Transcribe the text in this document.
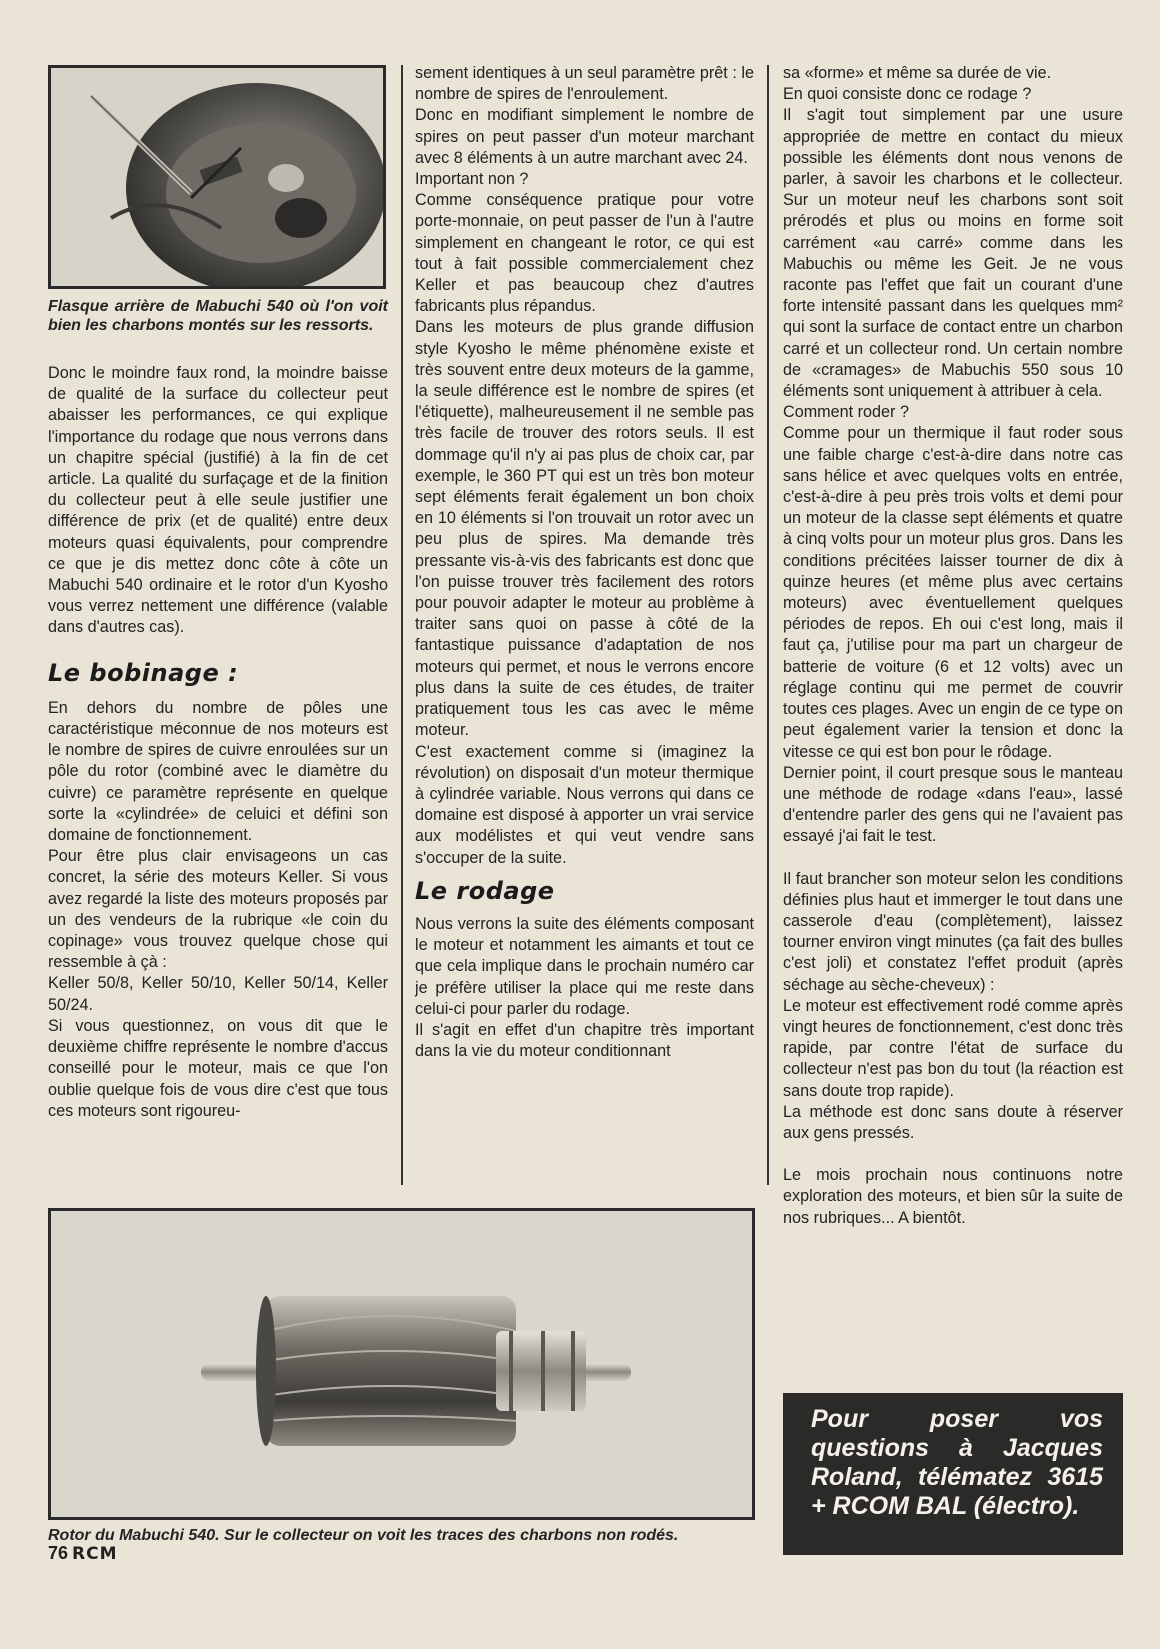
Flasque arrière de Mabuchi 540 où l'on voit bien les charbons montés sur les ressorts.

Donc le moindre faux rond, la moindre baisse de qualité de la surface du collecteur peut abaisser les performances, ce qui explique l'importance du rodage que nous verrons dans un chapitre spécial (justifié) à la fin de cet article. La qualité du surfaçage et de la finition du collecteur peut à elle seule justifier une différence de prix (et de qualité) entre deux moteurs quasi équivalents, pour comprendre ce que je dis mettez donc côte à côte un Mabuchi 540 ordinaire et le rotor d'un Kyosho vous verrez nettement une différence (valable dans d'autres cas).

Le bobinage :

En dehors du nombre de pôles une caractéristique méconnue de nos moteurs est le nombre de spires de cuivre enroulées sur un pôle du rotor (combiné avec le diamètre du cuivre) ce paramètre représente en quelque sorte la «cylindrée» de celuici et défini son domaine de fonctionnement.

Pour être plus clair envisageons un cas concret, la série des moteurs Keller. Si vous avez regardé la liste des moteurs proposés par un des vendeurs de la rubrique «le coin du copinage» vous trouvez quelque chose qui ressemble à çà :

Keller 50/8, Keller 50/10, Keller 50/14, Keller 50/24.

Si vous questionnez, on vous dit que le deuxième chiffre représente le nombre d'accus conseillé pour le moteur, mais ce que l'on oublie quelque fois de vous dire c'est que tous ces moteurs sont rigoureu-

sement identiques à un seul paramètre prêt : le nombre de spires de l'enroulement.

Donc en modifiant simplement le nombre de spires on peut passer d'un moteur marchant avec 8 éléments à un autre marchant avec 24.

Important non ?

Comme conséquence pratique pour votre porte-monnaie, on peut passer de l'un à l'autre simplement en changeant le rotor, ce qui est tout à fait possible commercialement chez Keller et pas beaucoup chez d'autres fabricants plus répandus.

Dans les moteurs de plus grande diffusion style Kyosho le même phénomène existe et très souvent entre deux moteurs de la gamme, la seule différence est le nombre de spires (et l'étiquette), malheureusement il ne semble pas très facile de trouver des rotors seuls. Il est dommage qu'il n'y ai pas plus de choix car, par exemple, le 360 PT qui est un très bon moteur sept éléments ferait également un bon choix en 10 éléments si l'on trouvait un rotor avec un peu plus de spires. Ma demande très pressante vis-à-vis des fabricants est donc que l'on puisse trouver très facilement des rotors pour pouvoir adapter le moteur au problème à traiter sans quoi on passe à côté de la fantastique puissance d'adaptation de nos moteurs qui permet, et nous le verrons encore plus dans la suite de ces études, de traiter pratiquement tous les cas avec le même moteur.

C'est exactement comme si (imaginez la révolution) on disposait d'un moteur thermique à cylindrée variable. Nous verrons qui dans ce domaine est disposé à apporter un vrai service aux modélistes et qui veut vendre sans s'occuper de la suite.

Le rodage

Nous verrons la suite des éléments composant le moteur et notamment les aimants et tout ce que cela implique dans le prochain numéro car je préfère utiliser la place qui me reste dans celui-ci pour parler du rodage.

Il s'agit en effet d'un chapitre très important dans la vie du moteur conditionnant

sa «forme» et même sa durée de vie.

En quoi consiste donc ce rodage ?

Il s'agit tout simplement par une usure appropriée de mettre en contact du mieux possible les éléments dont nous venons de parler, à savoir les charbons et le collecteur. Sur un moteur neuf les charbons sont soit prérodés et plus ou moins en forme soit carrément «au carré» comme dans les Mabuchis ou même les Geit. Je ne vous raconte pas l'effet que fait un courant d'une forte intensité passant dans les quelques mm² qui sont la surface de contact entre un charbon carré et un collecteur rond. Un certain nombre de «cramages» de Mabuchis 550 sous 10 éléments sont uniquement à attribuer à cela.

Comment roder ?

Comme pour un thermique il faut roder sous une faible charge c'est-à-dire dans notre cas sans hélice et avec quelques volts en entrée, c'est-à-dire à peu près trois volts et demi pour un moteur de la classe sept éléments et quatre à cinq volts pour un moteur plus gros. Dans les conditions précitées laisser tourner de dix à quinze heures (et même plus avec certains moteurs) avec éventuellement quelques périodes de repos. Eh oui c'est long, mais il faut ça, j'utilise pour ma part un chargeur de batterie de voiture (6 et 12 volts) avec un réglage continu qui me permet de couvrir toutes ces plages. Avec un engin de ce type on peut également varier la tension et donc la vitesse ce qui est bon pour le rôdage.

Dernier point, il court presque sous le manteau une méthode de rodage «dans l'eau», lassé d'entendre parler des gens qui ne l'avaient pas essayé j'ai fait le test.

Il faut brancher son moteur selon les conditions définies plus haut et immerger le tout dans une casserole d'eau (complètement), laissez tourner environ vingt minutes (ça fait des bulles c'est joli) et constatez l'effet produit (après séchage au sèche-cheveux) :

Le moteur est effectivement rodé comme après vingt heures de fonctionnement, c'est donc très rapide, par contre l'état de surface du collecteur n'est pas bon du tout (la réaction est sans doute trop rapide).

La méthode est donc sans doute à réserver aux gens pressés.

Le mois prochain nous continuons notre exploration des moteurs, et bien sûr la suite de nos rubriques... A bientôt.

Rotor du Mabuchi 540. Sur le collecteur on voit les traces des charbons non rodés.
76 RCM
Pour poser vos questions à Jacques Roland, télématez 3615 + RCOM BAL (électro).
